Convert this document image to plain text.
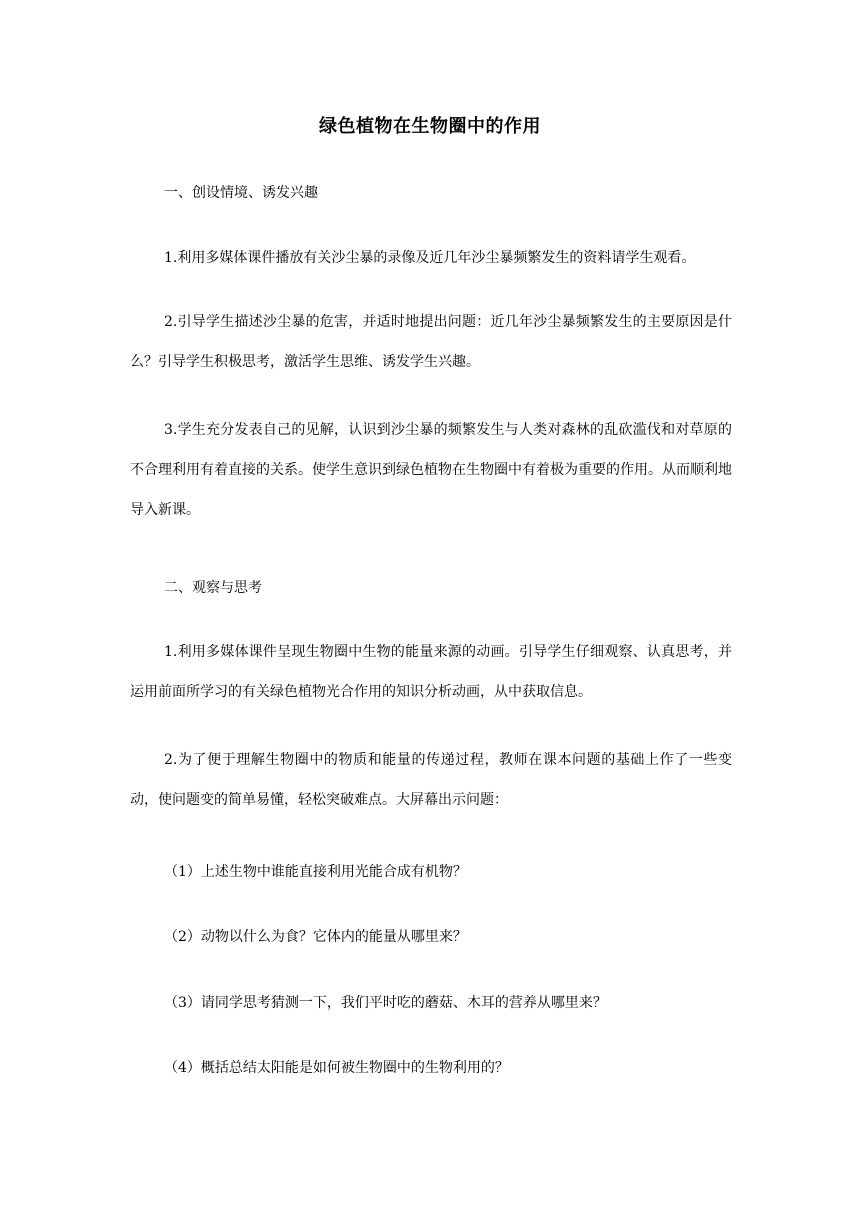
绿色植物在生物圈中的作用

一、创设情境、诱发兴趣

1.利用多媒体课件播放有关沙尘暴的录像及近几年沙尘暴频繁发生的资料请学生观看。

2.引导学生描述沙尘暴的危害，并适时地提出问题：近几年沙尘暴频繁发生的主要原因是什么？引导学生积极思考，激活学生思维、诱发学生兴趣。

3.学生充分发表自己的见解，认识到沙尘暴的频繁发生与人类对森林的乱砍滥伐和对草原的不合理利用有着直接的关系。使学生意识到绿色植物在生物圈中有着极为重要的作用。从而顺利地导入新课。

二、观察与思考

1.利用多媒体课件呈现生物圈中生物的能量来源的动画。引导学生仔细观察、认真思考，并运用前面所学习的有关绿色植物光合作用的知识分析动画，从中获取信息。

2.为了便于理解生物圈中的物质和能量的传递过程，教师在课本问题的基础上作了一些变动，使问题变的简单易懂，轻松突破难点。大屏幕出示问题：

（1）上述生物中谁能直接利用光能合成有机物？

（2）动物以什么为食？它体内的能量从哪里来？

（3）请同学思考猜测一下，我们平时吃的蘑菇、木耳的营养从哪里来？

（4）概括总结太阳能是如何被生物圈中的生物利用的？
